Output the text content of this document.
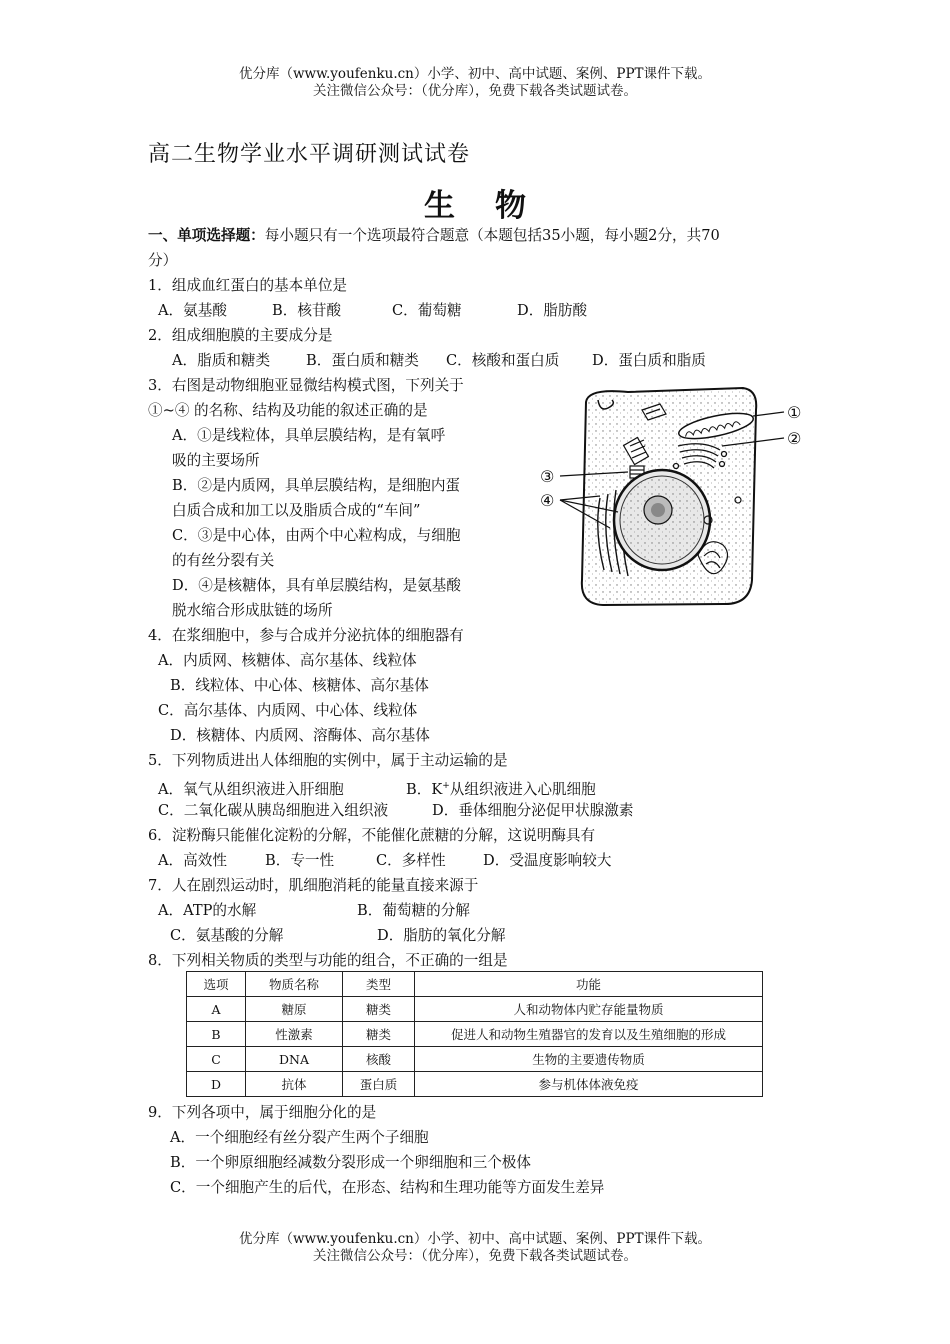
优分库（www.youfenku.cn）小学、初中、高中试题、案例、PPT课件下载。
关注微信公众号：（优分库），免费下载各类试题试卷。
高二生物学业水平调研测试试卷
生物
一、单项选择题：每小题只有一个选项最符合题意（本题包括35小题，每小题2分，共70
分）
1．组成血红蛋白的基本单位是
A．氨基酸	B．核苷酸	C．葡萄糖	D．脂肪酸
2．组成细胞膜的主要成分是
A．脂质和糖类 B．蛋白质和糖类 C．核酸和蛋白质 D．蛋白质和脂质
3．右图是动物细胞亚显微结构模式图，下列关于
①~④ 的名称、结构及功能的叙述正确的是
A．①是线粒体，具单层膜结构，是有氧呼
吸的主要场所
B．②是内质网，具单层膜结构，是细胞内蛋
白质合成和加工以及脂质合成的“车间”
C．③是中心体，由两个中心粒构成，与细胞
的有丝分裂有关
D．④是核糖体，具有单层膜结构，是氨基酸
脱水缩合形成肽链的场所
①
②
③
④
4．在浆细胞中，参与合成并分泌抗体的细胞器有
A．内质网、核糖体、高尔基体、线粒体
B．线粒体、中心体、核糖体、高尔基体
C．高尔基体、内质网、中心体、线粒体
D．核糖体、内质网、溶酶体、高尔基体
5．下列物质进出人体细胞的实例中，属于主动运输的是
A．氧气从组织液进入肝细胞	B．K+从组织液进入心肌细胞
C．二氧化碳从胰岛细胞进入组织液	D．垂体细胞分泌促甲状腺激素
6．淀粉酶只能催化淀粉的分解，不能催化蔗糖的分解，这说明酶具有
A．高效性	B．专一性	C．多样性	D．受温度影响较大
7．人在剧烈运动时，肌细胞消耗的能量直接来源于
A．ATP的水解	B．葡萄糖的分解
C．氨基酸的分解	D．脂肪的氧化分解
8．下列相关物质的类型与功能的组合，不正确的一组是
选项	物质名称	类型	功能
A	糖原	糖类	人和动物体内贮存能量物质
B	性激素	糖类	促进人和动物生殖器官的发育以及生殖细胞的形成
C	DNA	核酸	生物的主要遗传物质
D	抗体	蛋白质	参与机体体液免疫
9．下列各项中，属于细胞分化的是
A．一个细胞经有丝分裂产生两个子细胞
B．一个卵原细胞经减数分裂形成一个卵细胞和三个极体
C．一个细胞产生的后代，在形态、结构和生理功能等方面发生差异
优分库（www.youfenku.cn）小学、初中、高中试题、案例、PPT课件下载。
关注微信公众号：（优分库），免费下载各类试题试卷。
